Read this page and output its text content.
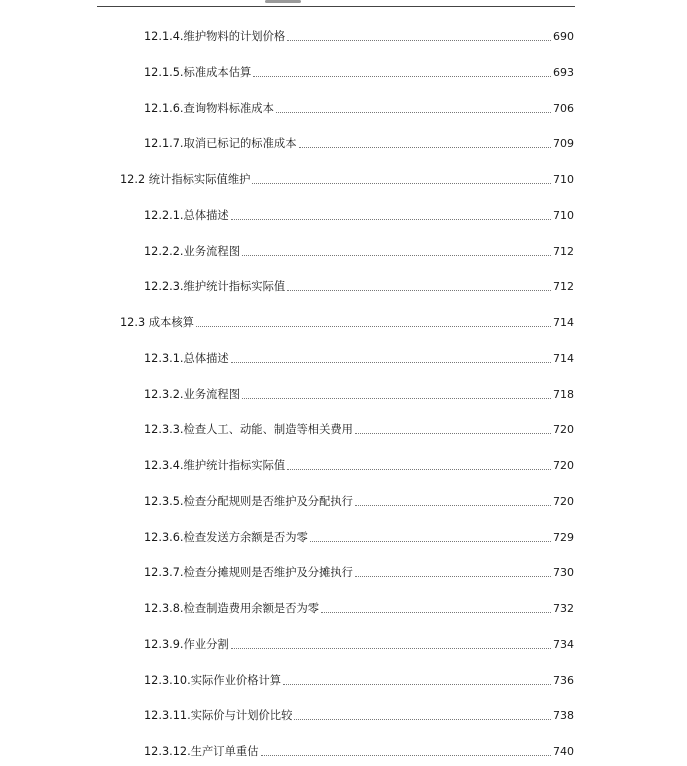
12.1.4.维护物料的计划价格	690
12.1.5.标准成本估算	693
12.1.6.查询物料标准成本	706
12.1.7.取消已标记的标准成本	709
12.2 统计指标实际值维护	710
12.2.1.总体描述	710
12.2.2.业务流程图	712
12.2.3.维护统计指标实际值	712
12.3 成本核算	714
12.3.1.总体描述	714
12.3.2.业务流程图	718
12.3.3.检查人工、动能、制造等相关费用	720
12.3.4.维护统计指标实际值	720
12.3.5.检查分配规则是否维护及分配执行	720
12.3.6.检查发送方余额是否为零	729
12.3.7.检查分摊规则是否维护及分摊执行	730
12.3.8.检查制造费用余额是否为零	732
12.3.9.作业分割	734
12.3.10.实际作业价格计算	736
12.3.11.实际价与计划价比较	738
12.3.12.生产订单重估	740
